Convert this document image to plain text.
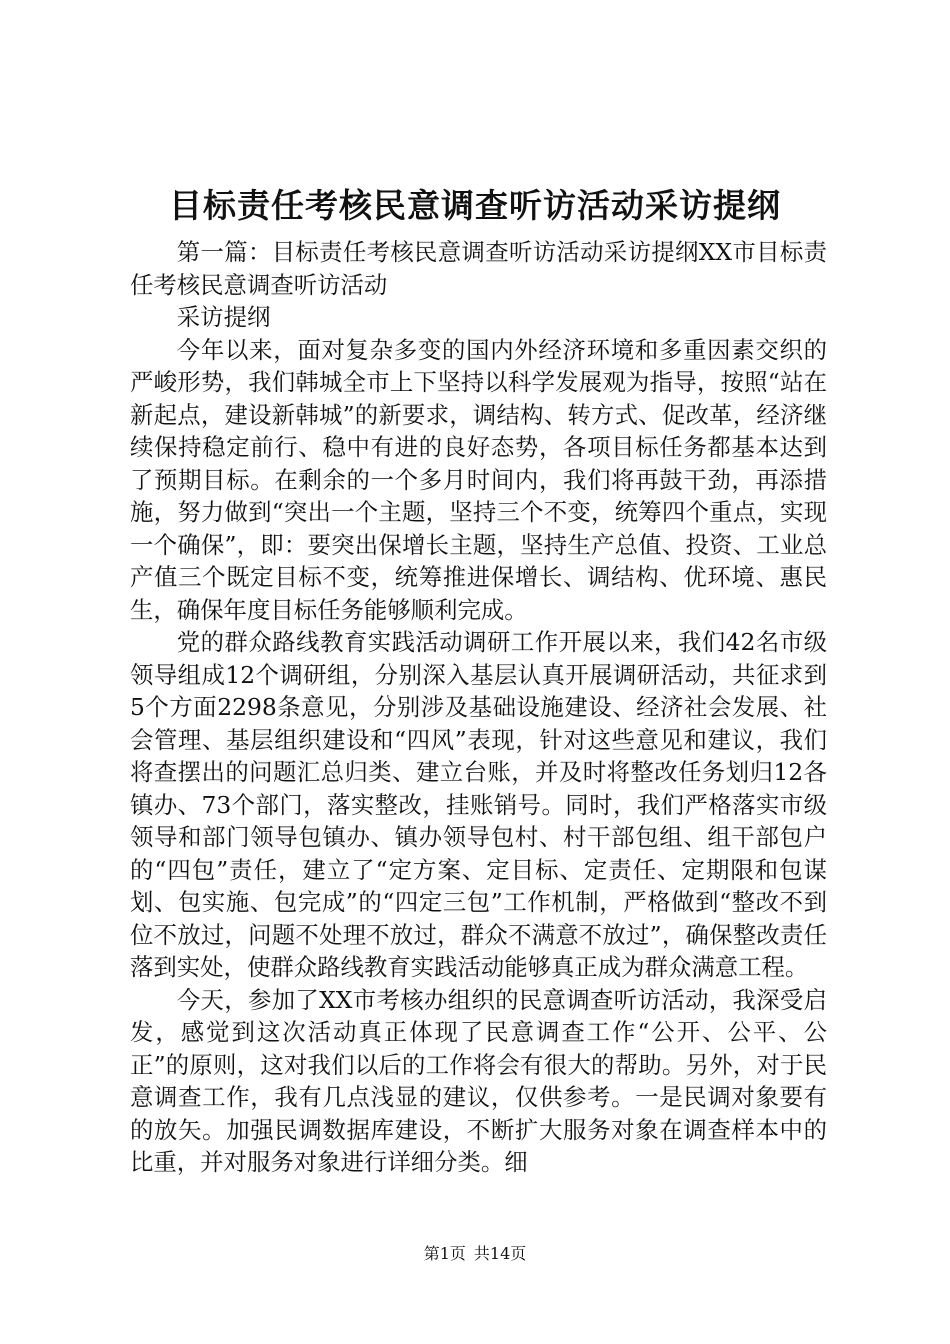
目标责任考核民意调查听访活动采访提纲

第一篇：目标责任考核民意调查听访活动采访提纲XX市目标责任考核民意调查听访活动

采访提纲

今年以来，面对复杂多变的国内外经济环境和多重因素交织的严峻形势，我们韩城全市上下坚持以科学发展观为指导，按照“站在新起点，建设新韩城”的新要求，调结构、转方式、促改革，经济继续保持稳定前行、稳中有进的良好态势，各项目标任务都基本达到了预期目标。在剩余的一个多月时间内，我们将再鼓干劲，再添措施，努力做到“突出一个主题，坚持三个不变，统筹四个重点，实现一个确保”，即：要突出保增长主题，坚持生产总值、投资、工业总产值三个既定目标不变，统筹推进保增长、调结构、优环境、惠民生，确保年度目标任务能够顺利完成。

党的群众路线教育实践活动调研工作开展以来，我们42名市级领导组成12个调研组，分别深入基层认真开展调研活动，共征求到5个方面2298条意见，分别涉及基础设施建设、经济社会发展、社会管理、基层组织建设和“四风”表现，针对这些意见和建议，我们将查摆出的问题汇总归类、建立台账，并及时将整改任务划归12各镇办、73个部门，落实整改，挂账销号。同时，我们严格落实市级领导和部门领导包镇办、镇办领导包村、村干部包组、组干部包户的“四包”责任，建立了“定方案、定目标、定责任、定期限和包谋划、包实施、包完成”的“四定三包”工作机制，严格做到“整改不到位不放过，问题不处理不放过，群众不满意不放过”，确保整改责任落到实处，使群众路线教育实践活动能够真正成为群众满意工程。

今天，参加了XX市考核办组织的民意调查听访活动，我深受启发，感觉到这次活动真正体现了民意调查工作“公开、公平、公正”的原则，这对我们以后的工作将会有很大的帮助。另外，对于民意调查工作，我有几点浅显的建议，仅供参考。一是民调对象要有的放矢。加强民调数据库建设，不断扩大服务对象在调查样本中的比重，并对服务对象进行详细分类。细

第1页 共14页
